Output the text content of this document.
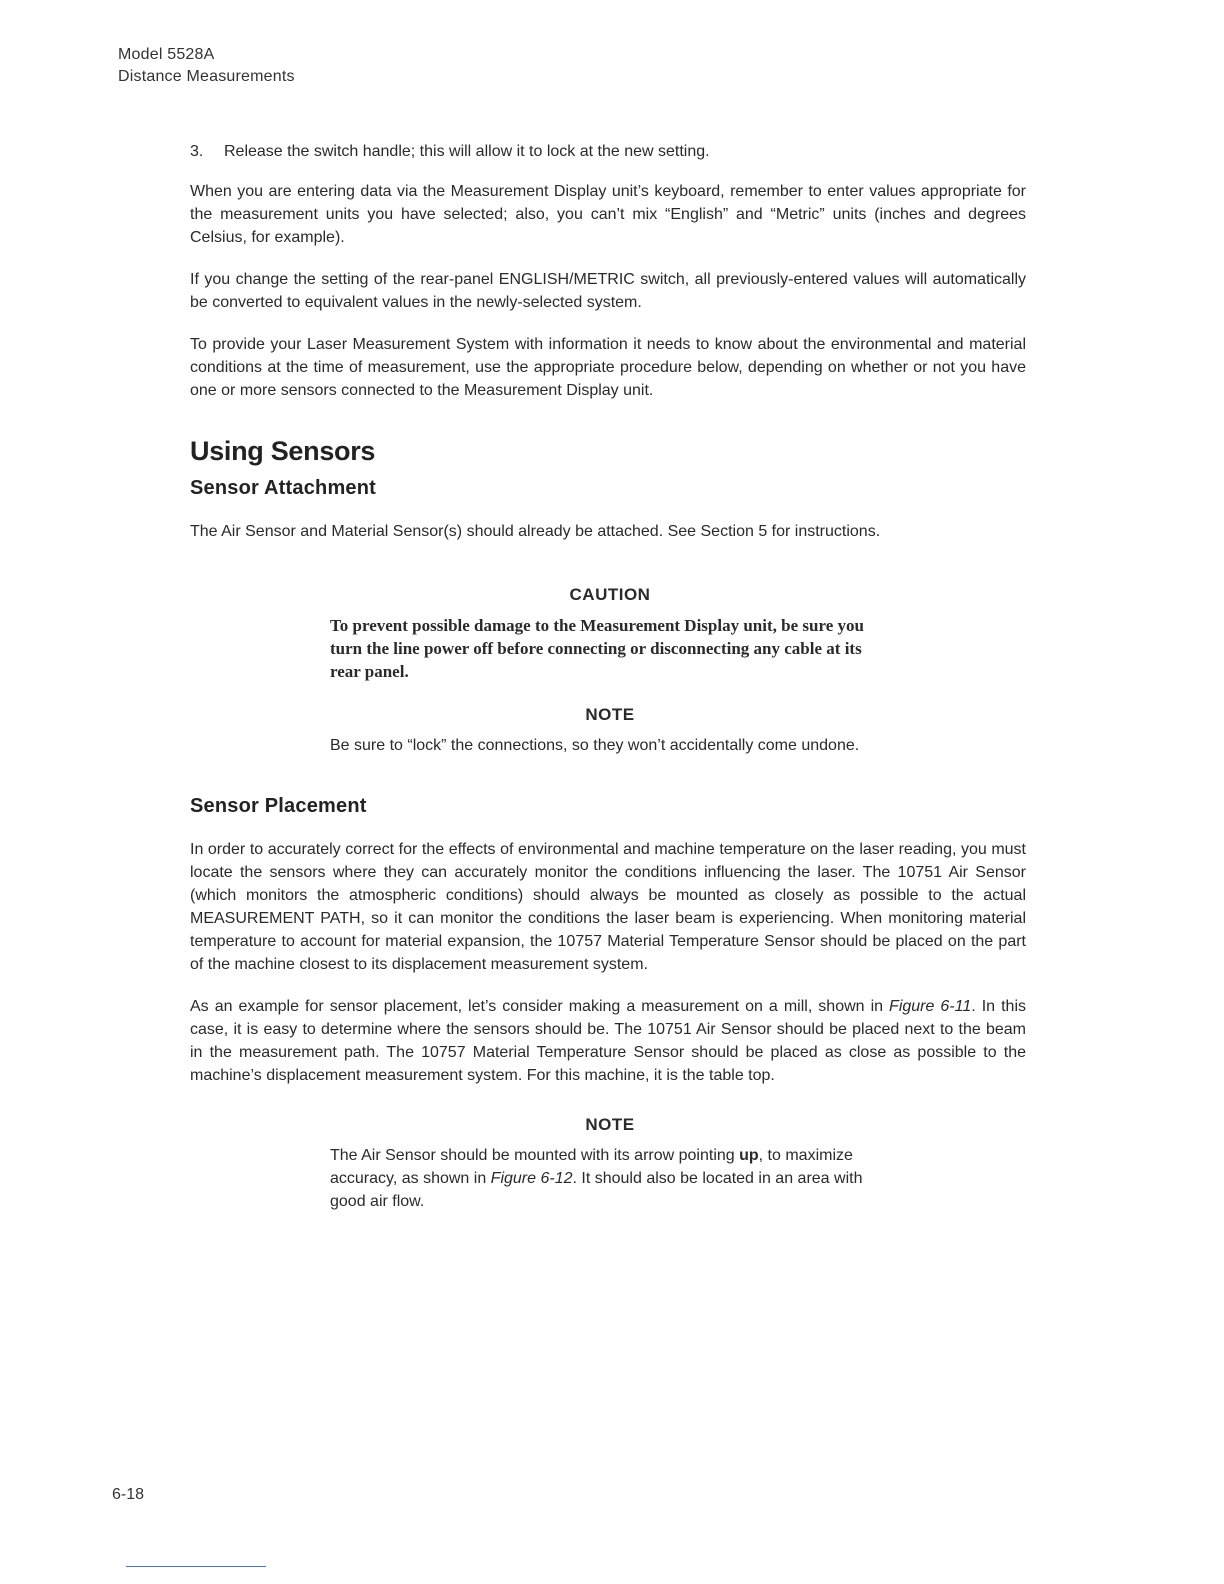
Model 5528A
Distance Measurements

3. Release the switch handle; this will allow it to lock at the new setting.

When you are entering data via the Measurement Display unit’s keyboard, remember to enter values appropriate for the measurement units you have selected; also, you can’t mix “English” and “Metric” units (inches and degrees Celsius, for example).

If you change the setting of the rear-panel ENGLISH/METRIC switch, all previously-entered values will automatically be converted to equivalent values in the newly-selected system.

To provide your Laser Measurement System with information it needs to know about the environmental and material conditions at the time of measurement, use the appropriate procedure below, depending on whether or not you have one or more sensors connected to the Measurement Display unit.

Using Sensors
Sensor Attachment

The Air Sensor and Material Sensor(s) should already be attached. See Section 5 for instructions.

CAUTION

To prevent possible damage to the Measurement Display unit, be sure you turn the line power off before connecting or disconnecting any cable at its rear panel.

NOTE

Be sure to “lock” the connections, so they won’t accidentally come undone.

Sensor Placement

In order to accurately correct for the effects of environmental and machine temperature on the laser reading, you must locate the sensors where they can accurately monitor the conditions influencing the laser. The 10751 Air Sensor (which monitors the atmospheric conditions) should always be mounted as closely as possible to the actual MEASUREMENT PATH, so it can monitor the conditions the laser beam is experiencing. When monitoring material temperature to account for material expansion, the 10757 Material Temperature Sensor should be placed on the part of the machine closest to its displacement measurement system.

As an example for sensor placement, let’s consider making a measurement on a mill, shown in Figure 6-11. In this case, it is easy to determine where the sensors should be. The 10751 Air Sensor should be placed next to the beam in the measurement path. The 10757 Material Temperature Sensor should be placed as close as possible to the machine’s displacement measurement system. For this machine, it is the table top.

NOTE

The Air Sensor should be mounted with its arrow pointing up, to maximize accuracy, as shown in Figure 6-12. It should also be located in an area with good air flow.

6-18
